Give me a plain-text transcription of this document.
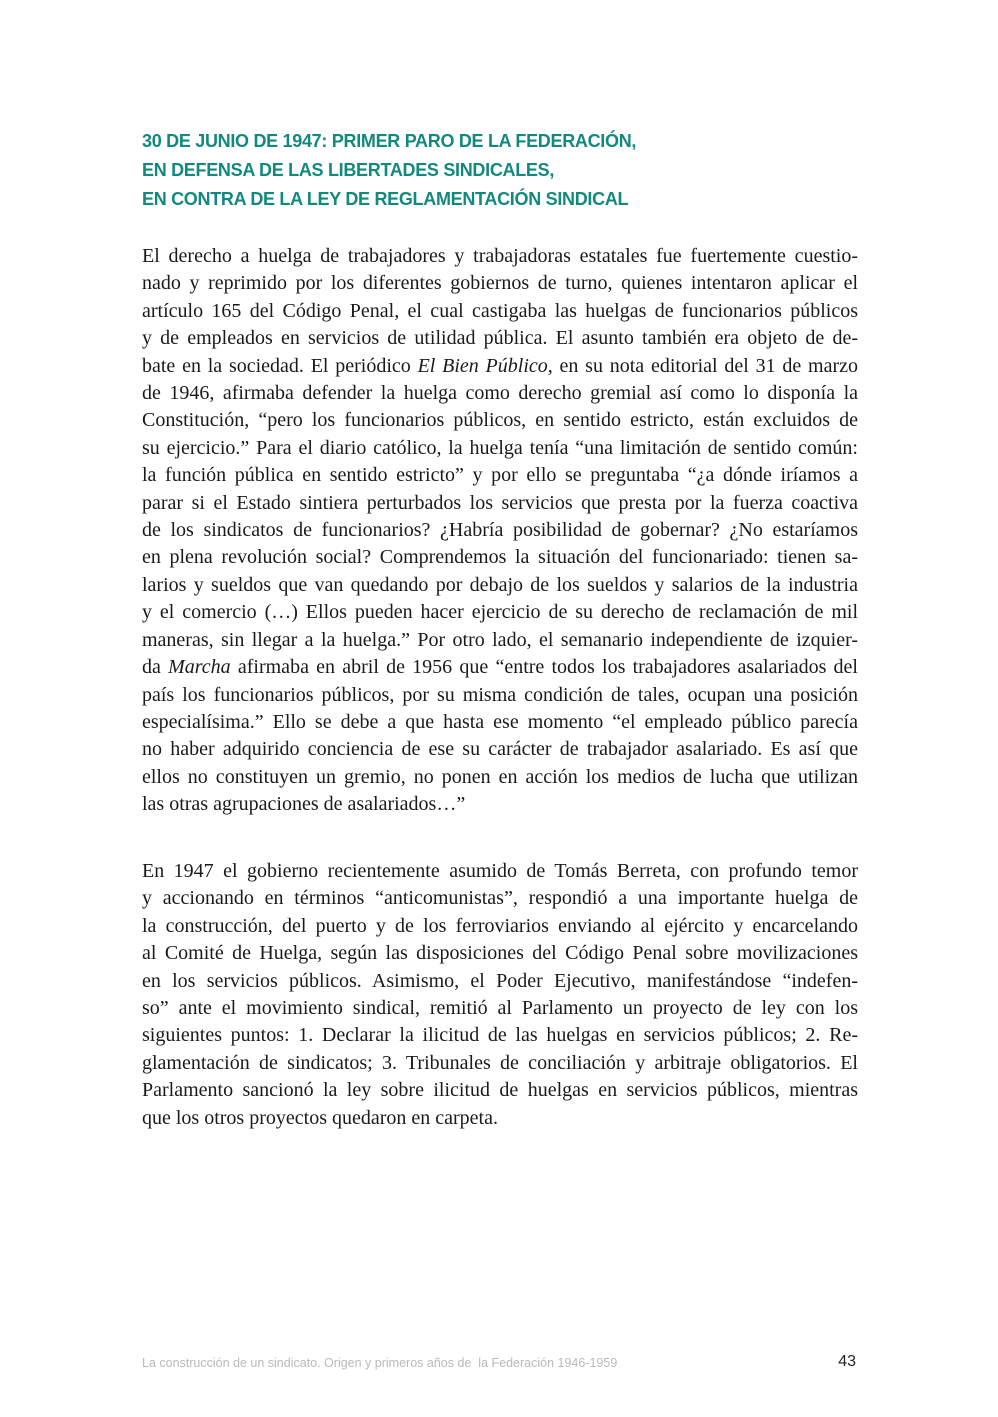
30 DE JUNIO DE 1947: PRIMER PARO DE LA FEDERACIÓN,
EN DEFENSA DE LAS LIBERTADES SINDICALES,
EN CONTRA DE LA LEY DE REGLAMENTACIÓN SINDICAL

El derecho a huelga de trabajadores y trabajadoras estatales fue fuertemente cuestio-
nado y reprimido por los diferentes gobiernos de turno, quienes intentaron aplicar el
artículo 165 del Código Penal, el cual castigaba las huelgas de funcionarios públicos
y de empleados en servicios de utilidad pública. El asunto también era objeto de de-
bate en la sociedad. El periódico El Bien Público, en su nota editorial del 31 de marzo
de 1946, afirmaba defender la huelga como derecho gremial así como lo disponía la
Constitución, “pero los funcionarios públicos, en sentido estricto, están excluidos de
su ejercicio.” Para el diario católico, la huelga tenía “una limitación de sentido común:
la función pública en sentido estricto” y por ello se preguntaba “¿a dónde iríamos a
parar si el Estado sintiera perturbados los servicios que presta por la fuerza coactiva
de los sindicatos de funcionarios? ¿Habría posibilidad de gobernar? ¿No estaríamos
en plena revolución social? Comprendemos la situación del funcionariado: tienen sa-
larios y sueldos que van quedando por debajo de los sueldos y salarios de la industria
y el comercio (…) Ellos pueden hacer ejercicio de su derecho de reclamación de mil
maneras, sin llegar a la huelga.” Por otro lado, el semanario independiente de izquier-
da Marcha afirmaba en abril de 1956 que “entre todos los trabajadores asalariados del
país los funcionarios públicos, por su misma condición de tales, ocupan una posición
especialísima.” Ello se debe a que hasta ese momento “el empleado público parecía
no haber adquirido conciencia de ese su carácter de trabajador asalariado. Es así que
ellos no constituyen un gremio, no ponen en acción los medios de lucha que utilizan
las otras agrupaciones de asalariados…”

En 1947 el gobierno recientemente asumido de Tomás Berreta, con profundo temor
y accionando en términos “anticomunistas”, respondió a una importante huelga de
la construcción, del puerto y de los ferroviarios enviando al ejército y encarcelando
al Comité de Huelga, según las disposiciones del Código Penal sobre movilizaciones
en los servicios públicos. Asimismo, el Poder Ejecutivo, manifestándose “indefen-
so” ante el movimiento sindical, remitió al Parlamento un proyecto de ley con los
siguientes puntos: 1. Declarar la ilicitud de las huelgas en servicios públicos; 2. Re-
glamentación de sindicatos; 3. Tribunales de conciliación y arbitraje obligatorios. El
Parlamento sancionó la ley sobre ilicitud de huelgas en servicios públicos, mientras
que los otros proyectos quedaron en carpeta.

La construcción de un sindicato. Origen y primeros años de  la Federación 1946-1959	43
